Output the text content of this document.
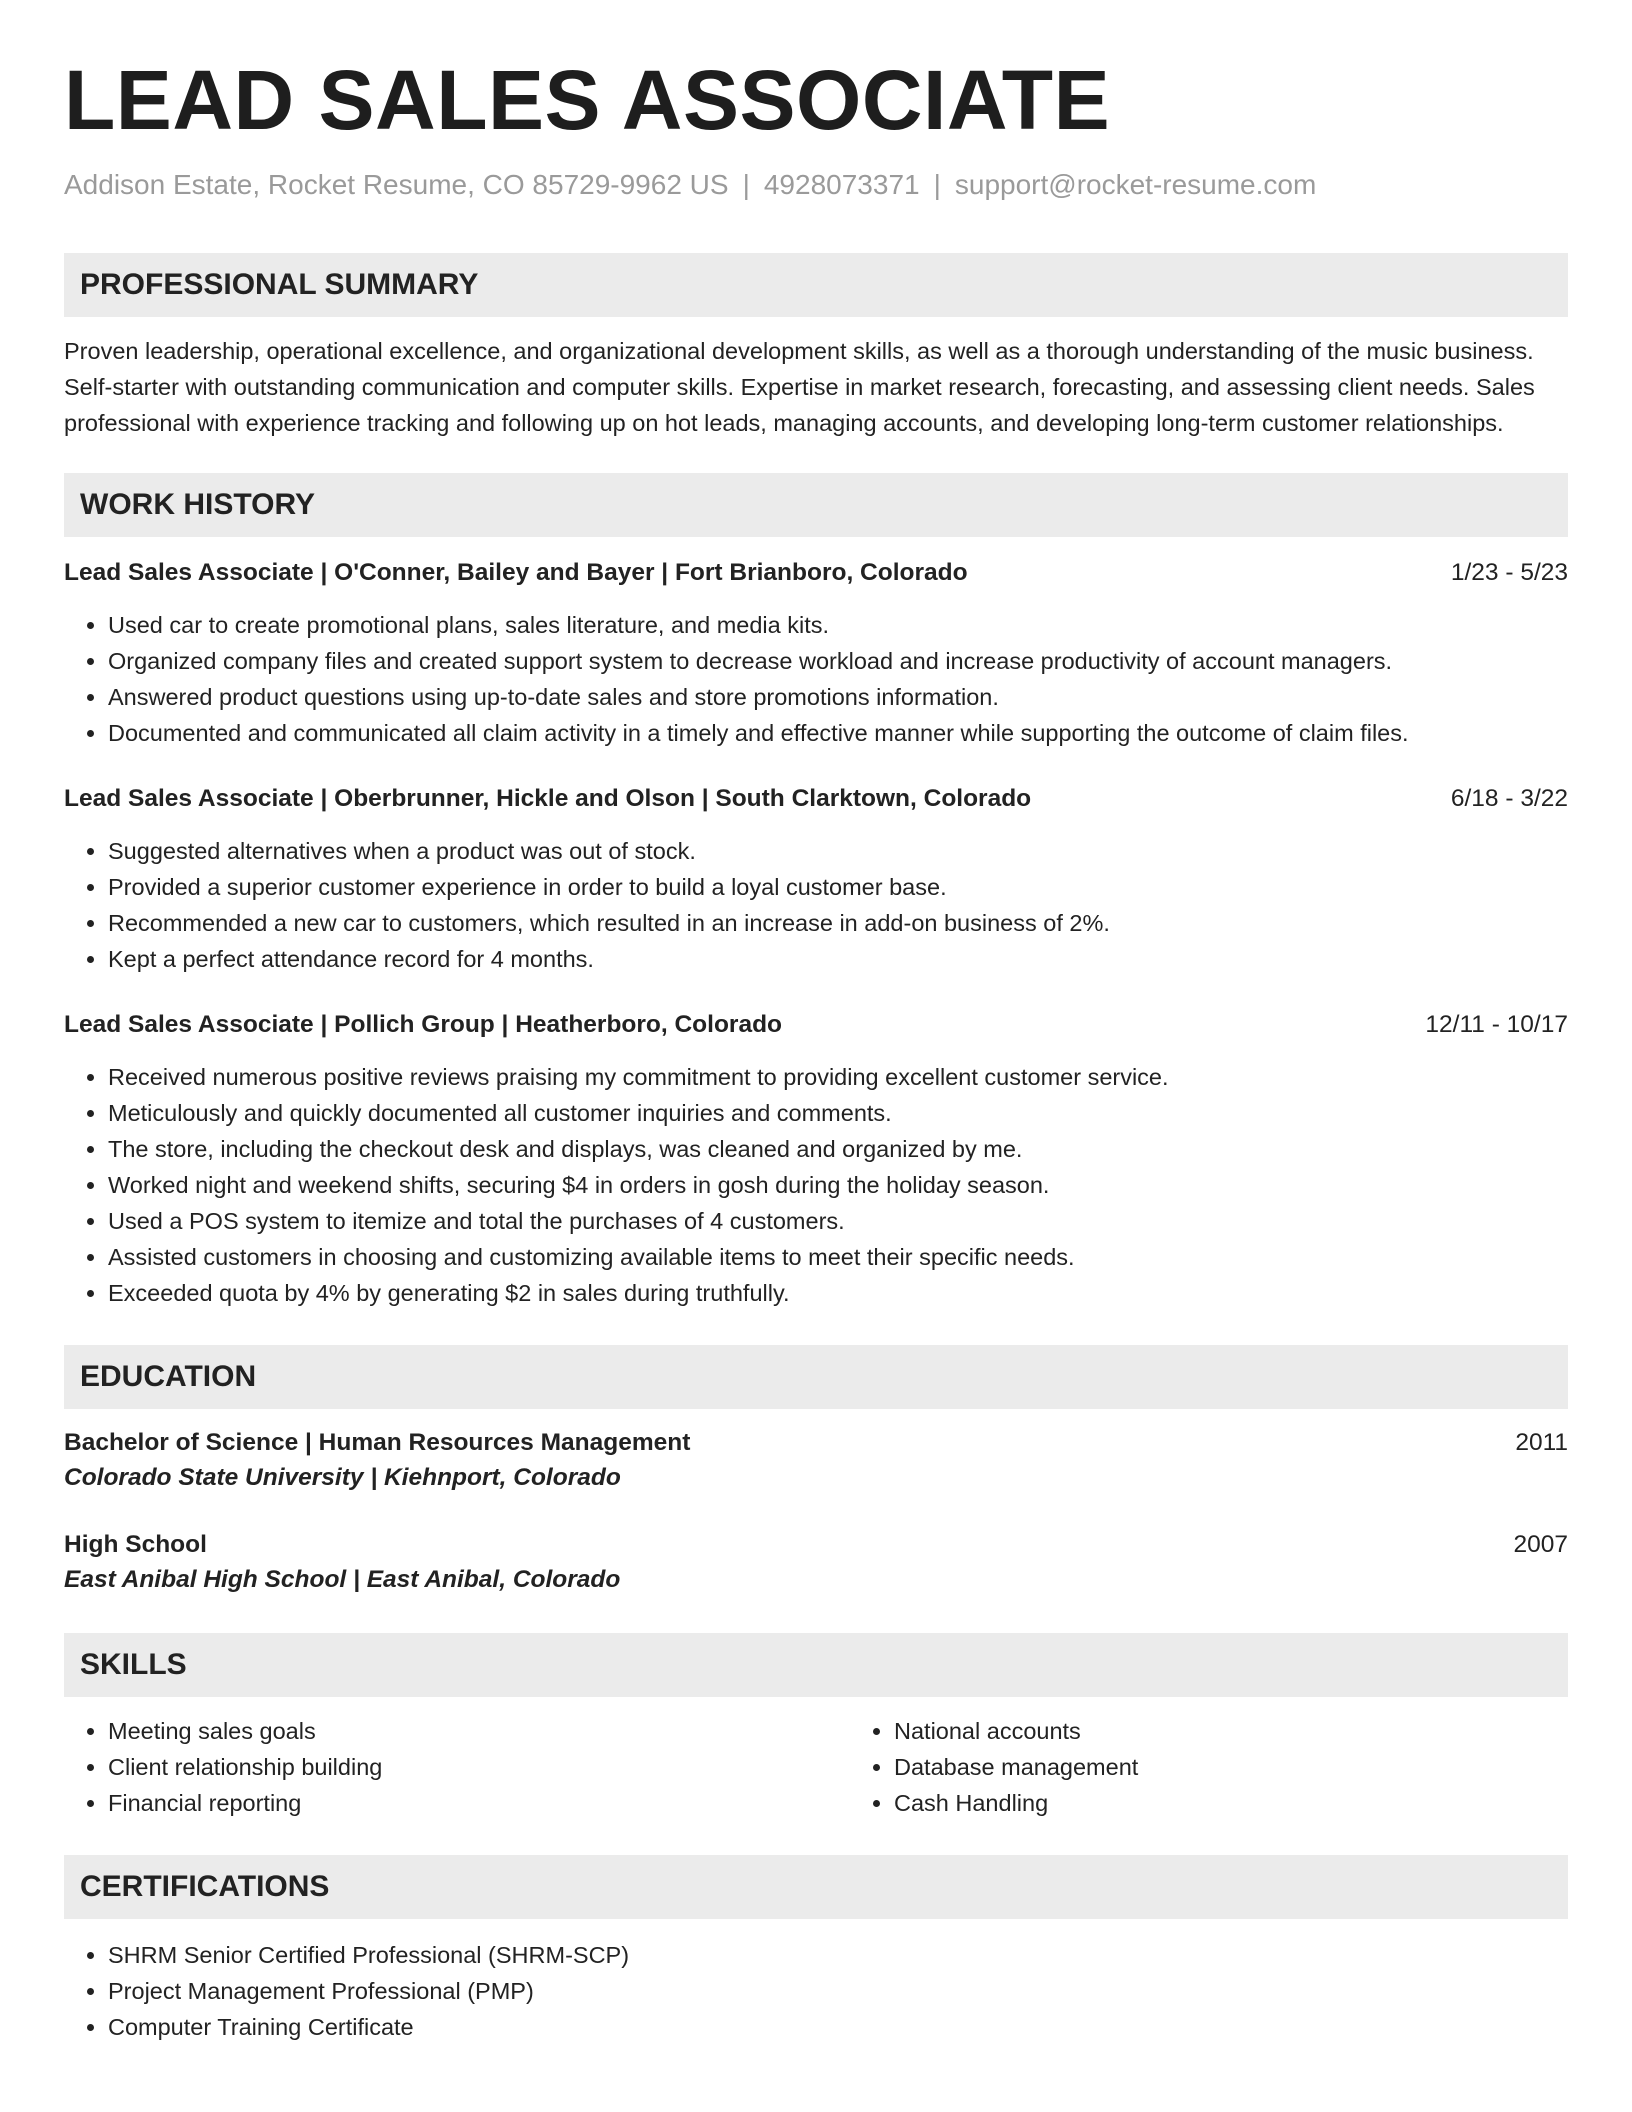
LEAD SALES ASSOCIATE
Addison Estate, Rocket Resume, CO 85729-9962 US | 4928073371 | support@rocket-resume.com
PROFESSIONAL SUMMARY
Proven leadership, operational excellence, and organizational development skills, as well as a thorough understanding of the music business. Self-starter with outstanding communication and computer skills. Expertise in market research, forecasting, and assessing client needs. Sales professional with experience tracking and following up on hot leads, managing accounts, and developing long-term customer relationships.
WORK HISTORY
Lead Sales Associate | O'Conner, Bailey and Bayer | Fort Brianboro, Colorado	1/23 - 5/23
• Used car to create promotional plans, sales literature, and media kits.
• Organized company files and created support system to decrease workload and increase productivity of account managers.
• Answered product questions using up-to-date sales and store promotions information.
• Documented and communicated all claim activity in a timely and effective manner while supporting the outcome of claim files.
Lead Sales Associate | Oberbrunner, Hickle and Olson | South Clarktown, Colorado	6/18 - 3/22
• Suggested alternatives when a product was out of stock.
• Provided a superior customer experience in order to build a loyal customer base.
• Recommended a new car to customers, which resulted in an increase in add-on business of 2%.
• Kept a perfect attendance record for 4 months.
Lead Sales Associate | Pollich Group | Heatherboro, Colorado	12/11 - 10/17
• Received numerous positive reviews praising my commitment to providing excellent customer service.
• Meticulously and quickly documented all customer inquiries and comments.
• The store, including the checkout desk and displays, was cleaned and organized by me.
• Worked night and weekend shifts, securing $4 in orders in gosh during the holiday season.
• Used a POS system to itemize and total the purchases of 4 customers.
• Assisted customers in choosing and customizing available items to meet their specific needs.
• Exceeded quota by 4% by generating $2 in sales during truthfully.
EDUCATION
Bachelor of Science | Human Resources Management	2011
Colorado State University | Kiehnport, Colorado
High School	2007
East Anibal High School | East Anibal, Colorado
SKILLS
• Meeting sales goals
• Client relationship building
• Financial reporting
• National accounts
• Database management
• Cash Handling
CERTIFICATIONS
• SHRM Senior Certified Professional (SHRM-SCP)
• Project Management Professional (PMP)
• Computer Training Certificate
